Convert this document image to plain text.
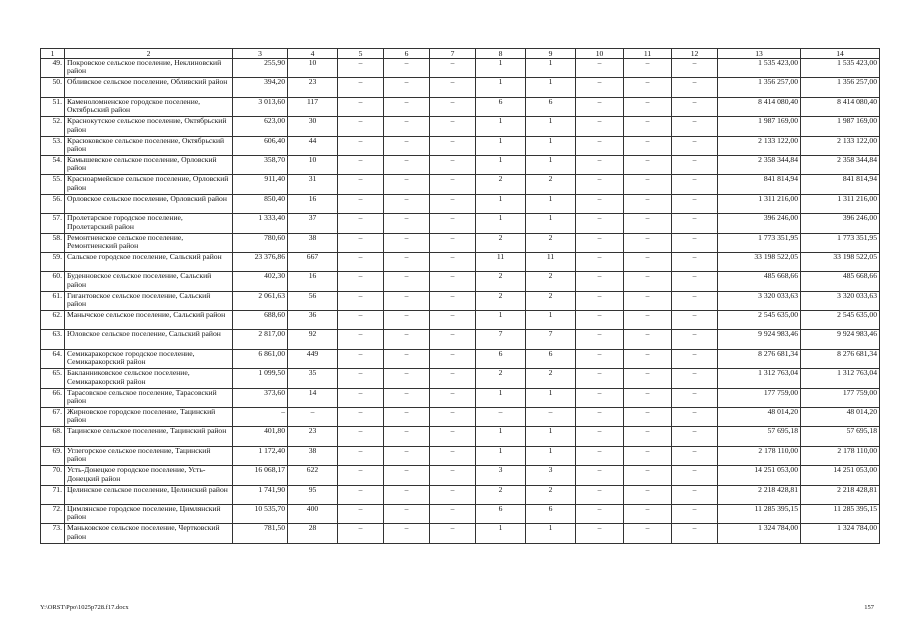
1	2	3	4	5	6	7	8	9	10	11	12	13	14
49.	Покровское сельское поселение, Неклиновский район	255,90	10	–	–	–	1	1	–	–	–	1 535 423,00	1 535 423,00
50.	Обливское сельское поселение, Обливский район	394,20	23	–	–	–	1	1	–	–	–	1 356 257,00	1 356 257,00
51.	Каменоломненское городское поселение, Октябрьский район	3 013,60	117	–	–	–	6	6	–	–	–	8 414 080,40	8 414 080,40
52.	Краснокутское сельское поселение, Октябрьский район	623,00	30	–	–	–	1	1	–	–	–	1 987 169,00	1 987 169,00
53.	Красюковское сельское поселение, Октябрьский район	606,40	44	–	–	–	1	1	–	–	–	2 133 122,00	2 133 122,00
54.	Камышевское сельское поселение, Орловский район	358,70	10	–	–	–	1	1	–	–	–	2 358 344,84	2 358 344,84
55.	Красноармейское сельское поселение, Орловский район	911,40	31	–	–	–	2	2	–	–	–	841 814,94	841 814,94
56.	Орловское сельское поселение, Орловский район	850,40	16	–	–	–	1	1	–	–	–	1 311 216,00	1 311 216,00
57.	Пролетарское городское поселение, Пролетарский район	1 333,40	37	–	–	–	1	1	–	–	–	396 246,00	396 246,00
58.	Ремонтненское сельское поселение, Ремонтненский район	780,60	38	–	–	–	2	2	–	–	–	1 773 351,95	1 773 351,95
59.	Сальское городское поселение, Сальский район	23 376,86	667	–	–	–	11	11	–	–	–	33 198 522,05	33 198 522,05
60.	Буденновское сельское поселение, Сальский район	402,30	16	–	–	–	2	2	–	–	–	485 668,66	485 668,66
61.	Гигантовское сельское поселение, Сальский район	2 061,63	56	–	–	–	2	2	–	–	–	3 320 033,63	3 320 033,63
62.	Манычское сельское поселение, Сальский район	688,60	36	–	–	–	1	1	–	–	–	2 545 635,00	2 545 635,00
63.	Юловское сельское поселение, Сальский район	2 817,00	92	–	–	–	7	7	–	–	–	9 924 983,46	9 924 983,46
64.	Семикаракорское городское поселение, Семикаракорский район	6 861,00	449	–	–	–	6	6	–	–	–	8 276 681,34	8 276 681,34
65.	Бакланниковское сельское поселение, Семикаракорский район	1 099,50	35	–	–	–	2	2	–	–	–	1 312 763,04	1 312 763,04
66.	Тарасовское сельское поселение, Тарасовский район	373,60	14	–	–	–	1	1	–	–	–	177 759,00	177 759,00
67.	Жирновское городское поселение, Тацинский район	–	–	–	–	–	–	–	–	–	–	48 014,20	48 014,20
68.	Тацинское сельское поселение, Тацинский район	401,80	23	–	–	–	1	1	–	–	–	57 695,18	57 695,18
69.	Углегорское сельское поселение, Тацинский район	1 172,40	38	–	–	–	1	1	–	–	–	2 178 110,00	2 178 110,00
70.	Усть-Донецкое городское поселение, Усть-Донецкий район	16 068,17	622	–	–	–	3	3	–	–	–	14 251 053,00	14 251 053,00
71.	Целинское сельское поселение, Целинский район	1 741,90	95	–	–	–	2	2	–	–	–	2 218 428,81	2 218 428,81
72.	Цимлянское городское поселение, Цимлянский район	10 535,70	400	–	–	–	6	6	–	–	–	11 285 395,15	11 285 395,15
73.	Маньковское сельское поселение, Чертковский район	781,50	28	–	–	–	1	1	–	–	–	1 324 784,00	1 324 784,00
Y:\ORST\Ppo\1025p728.f17.docx	157
